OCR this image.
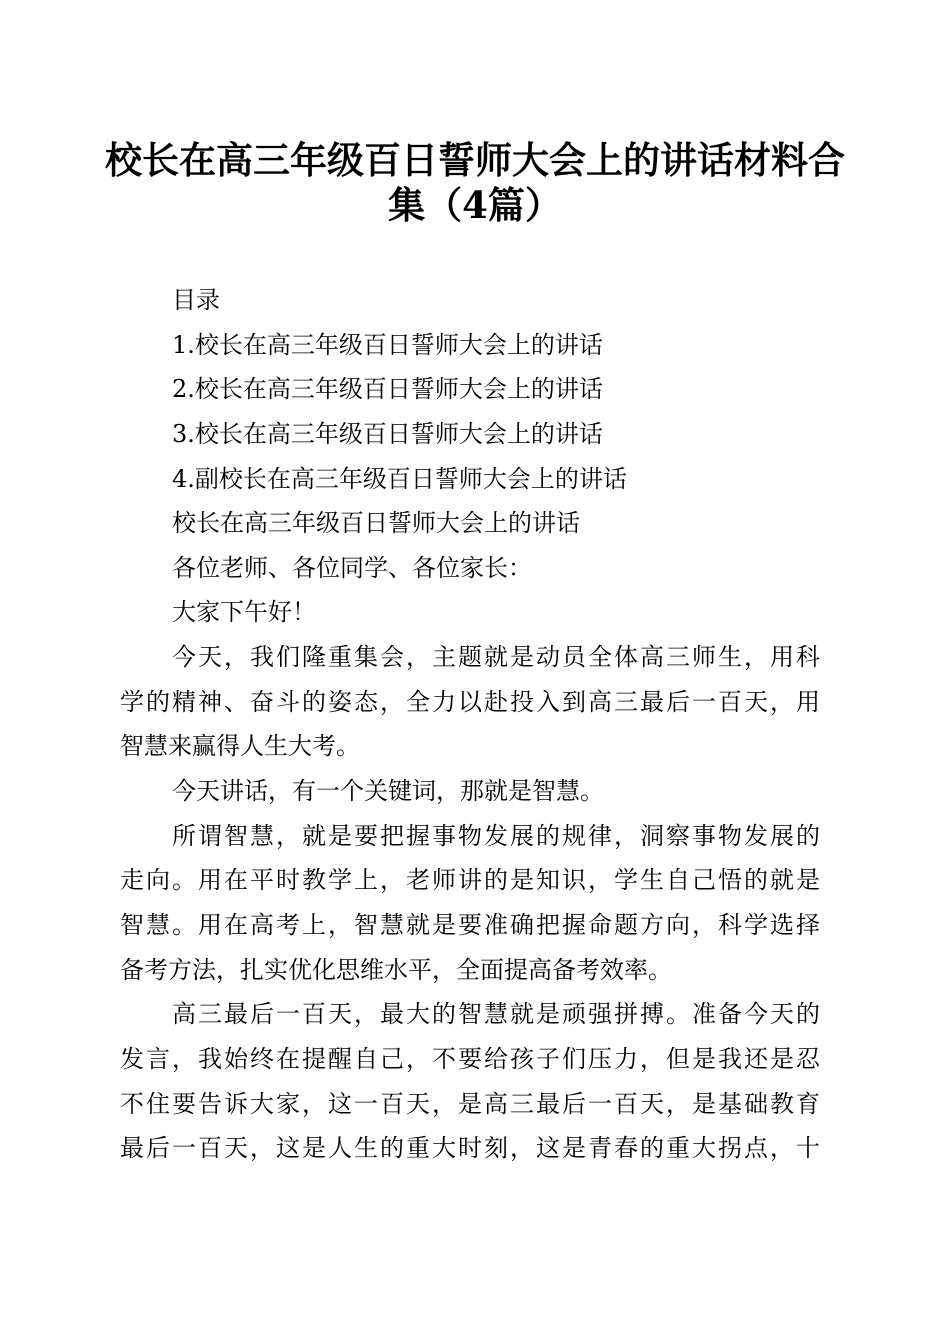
校长在高三年级百日誓师大会上的讲话材料合
集（4篇）
目录
1.校长在高三年级百日誓师大会上的讲话
2.校长在高三年级百日誓师大会上的讲话
3.校长在高三年级百日誓师大会上的讲话
4.副校长在高三年级百日誓师大会上的讲话
校长在高三年级百日誓师大会上的讲话
各位老师、各位同学、各位家长：
大家下午好！
今天，我们隆重集会，主题就是动员全体高三师生，用科
学的精神、奋斗的姿态，全力以赴投入到高三最后一百天，用
智慧来赢得人生大考。
今天讲话，有一个关键词，那就是智慧。
所谓智慧，就是要把握事物发展的规律，洞察事物发展的
走向。用在平时教学上，老师讲的是知识，学生自己悟的就是
智慧。用在高考上，智慧就是要准确把握命题方向，科学选择
备考方法，扎实优化思维水平，全面提高备考效率。
高三最后一百天，最大的智慧就是顽强拼搏。准备今天的
发言，我始终在提醒自己，不要给孩子们压力，但是我还是忍
不住要告诉大家，这一百天，是高三最后一百天，是基础教育
最后一百天，这是人生的重大时刻，这是青春的重大拐点，十
